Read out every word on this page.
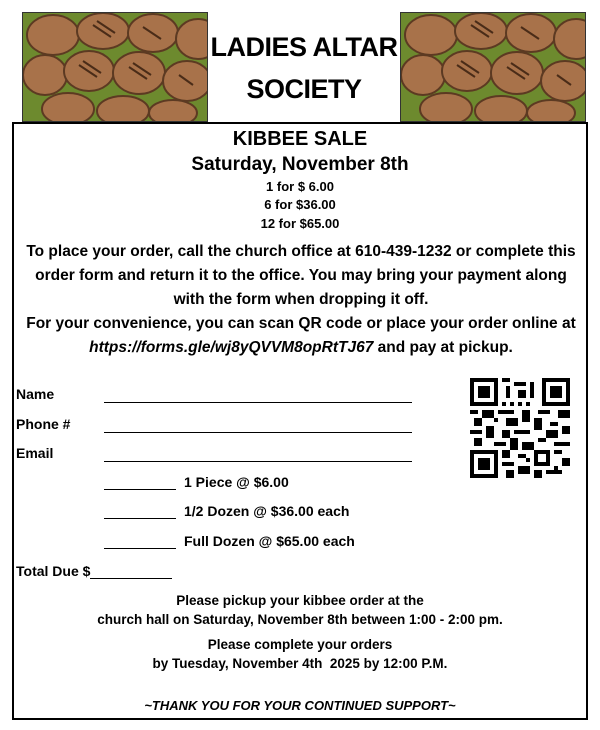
LADIES ALTAR
SOCIETY
KIBBEE SALE
Saturday, November 8th
1 for $ 6.00
6 for $36.00
12 for $65.00
To place your order, call the church office at 610-439-1232 or complete this order form and return it to the office. You may bring your payment along with the form when dropping it off.
For your convenience, you can scan QR code or place your order online at https://forms.gle/wj8yQVVM8opRtTJ67 and pay at pickup.
Name
Phone #
Email
1 Piece @ $6.00
1/2 Dozen @ $36.00 each
Full Dozen @ $65.00 each
Total Due $
Please pickup your kibbee order at the
church hall on Saturday, November 8th between 1:00 - 2:00 pm.
Please complete your orders
by Tuesday, November 4th  2025 by 12:00 P.M.
~THANK YOU FOR YOUR CONTINUED SUPPORT~
